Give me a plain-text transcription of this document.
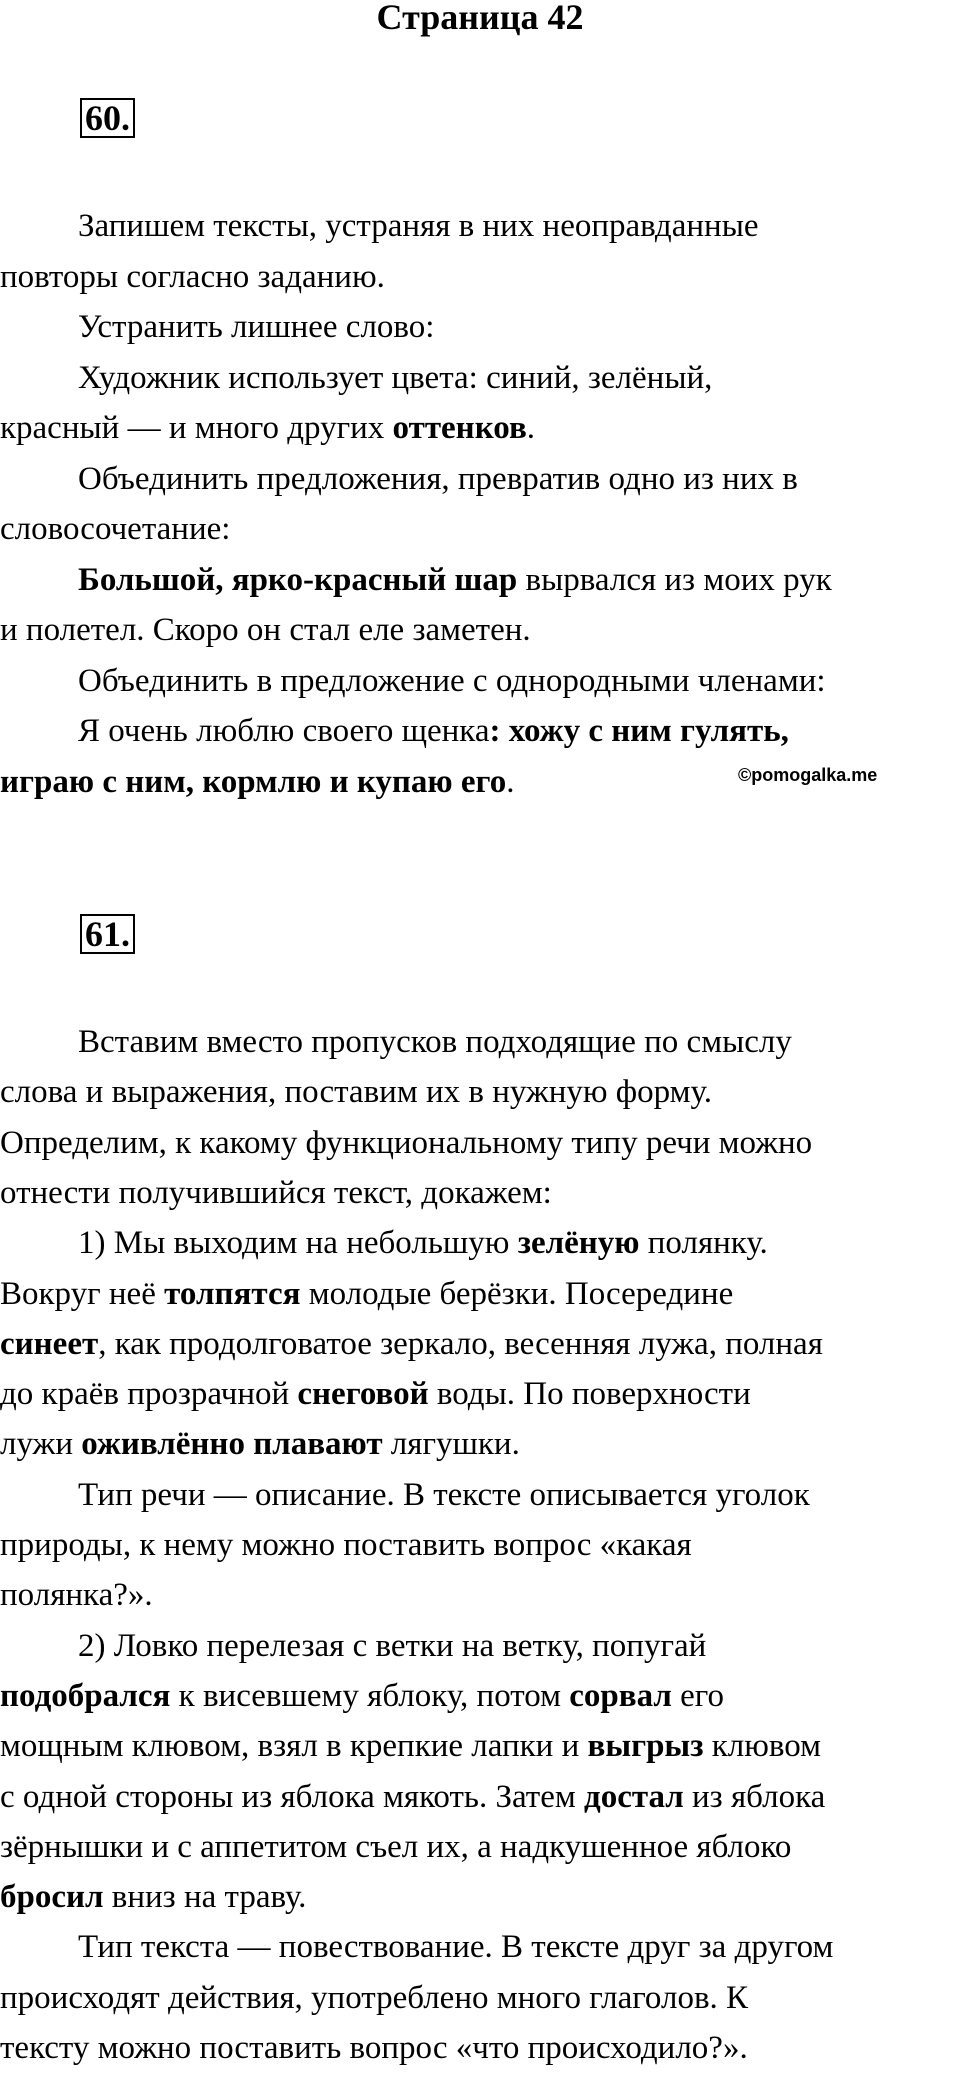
Страница 42
60.
Запишем тексты, устраняя в них неоправданные
повторы согласно заданию.
Устранить лишнее слово:
Художник использует цвета: синий, зелёный,
красный — и много других оттенков.
Объединить предложения, превратив одно из них в
словосочетание:
Большой, ярко-красный шар вырвался из моих рук
и полетел. Скоро он стал еле заметен.
Объединить в предложение с однородными членами:
Я очень люблю своего щенка: хожу с ним гулять,
играю с ним, кормлю и купаю его.	©pomogalka.me
61.
Вставим вместо пропусков подходящие по смыслу
слова и выражения, поставим их в нужную форму.
Определим, к какому функциональному типу речи можно
отнести получившийся текст, докажем:
1) Мы выходим на небольшую зелёную полянку.
Вокруг неё толпятся молодые берёзки. Посередине
синеет, как продолговатое зеркало, весенняя лужа, полная
до краёв прозрачной снеговой воды. По поверхности
лужи оживлённо плавают лягушки.
Тип речи — описание. В тексте описывается уголок
природы, к нему можно поставить вопрос «какая
полянка?».
2) Ловко перелезая с ветки на ветку, попугай
подобрался к висевшему яблоку, потом сорвал его
мощным клювом, взял в крепкие лапки и выгрыз клювом
с одной стороны из яблока мякоть. Затем достал из яблока
зёрнышки и с аппетитом съел их, а надкушенное яблоко
бросил вниз на траву.
Тип текста — повествование. В тексте друг за другом
происходят действия, употреблено много глаголов. К
тексту можно поставить вопрос «что происходило?».
